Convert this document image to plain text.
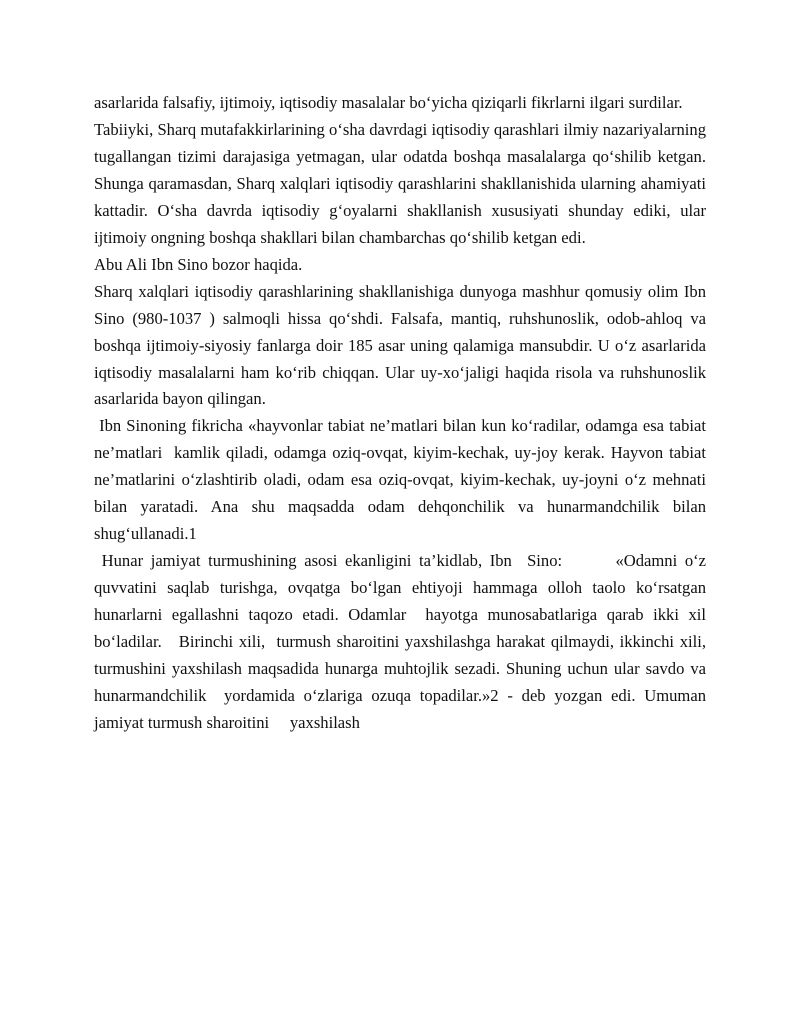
asarlarida falsafiy, ijtimoiy, iqtisodiy masalalar bo‘yicha qiziqarli fikrlarni ilgari surdilar.

Tabiiyki, Sharq mutafakkirlarining o‘sha davrdagi iqtisodiy qarashlari ilmiy nazariyalarning tugallangan tizimi darajasiga yetmagan, ular odatda boshqa masalalarga qo‘shilib ketgan. Shunga qaramasdan, Sharq xalqlari iqtisodiy qarashlarini shakllanishida ularning ahamiyati kattadir. O‘sha davrda iqtisodiy g‘oyalarni shakllanish xususiyati shunday ediki, ular ijtimoiy ongning boshqa shakllari bilan chambarchas qo‘shilib ketgan edi.

Abu Ali Ibn Sino bozor haqida.

Sharq xalqlari iqtisodiy qarashlarining shakllanishiga dunyoga mashhur qomusiy olim Ibn Sino (980-1037 ) salmoqli hissa qo‘shdi. Falsafa, mantiq, ruhshunoslik, odob-ahloq va boshqa ijtimoiy-siyosiy fanlarga doir 185 asar uning qalamiga mansubdir. U o‘z asarlarida iqtisodiy masalalarni ham ko‘rib chiqqan. Ular uy-xo‘jaligi haqida risola va ruhshunoslik asarlarida bayon qilingan.

Ibn Sinoning fikricha «hayvonlar tabiat ne’matlari bilan kun ko‘radilar, odamga esa tabiat ne’matlari  kamlik qiladi, odamga oziq-ovqat, kiyim-kechak, uy-joy kerak. Hayvon tabiat ne’matlarini o‘zlashtirib oladi, odam esa oziq-ovqat, kiyim-kechak, uy-joyni o‘z mehnati bilan yaratadi. Ana shu maqsadda odam dehqonchilik va hunarmandchilik bilan shug‘ullanadi.1

Hunar jamiyat turmushining asosi ekanligini ta’kidlab, Ibn  Sino:       «Odamni o‘z quvvatini saqlab turishga, ovqatga bo‘lgan ehtiyoji hammaga olloh taolo ko‘rsatgan hunarlarni egallashni taqozo etadi. Odamlar  hayotga munosabatlariga qarab ikki xil bo‘ladilar.   Birinchi xili,  turmush sharoitini yaxshilashga harakat qilmaydi, ikkinchi xili, turmushini yaxshilash maqsadida hunarga muhtojlik sezadi. Shuning uchun ular savdo va hunarmandchilik  yordamida o‘zlariga ozuqa topadilar.»2 - deb yozgan edi. Umuman jamiyat turmush sharoitini     yaxshilash
